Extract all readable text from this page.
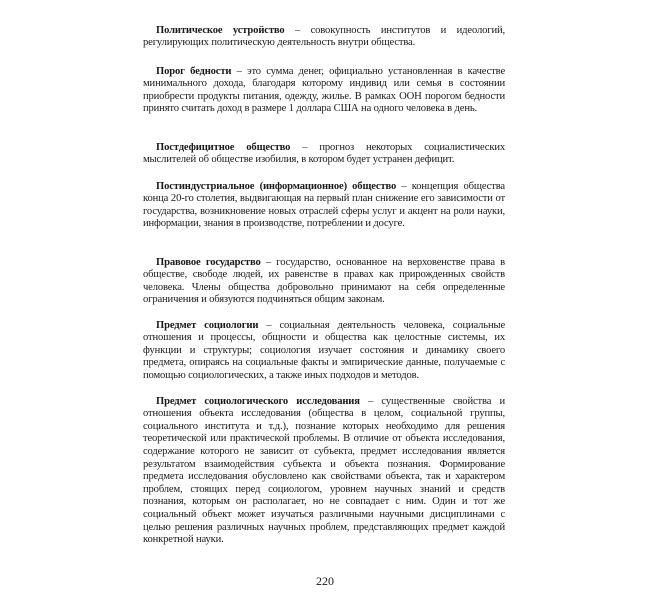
Политическое устройство – совокупность институтов и идеологий, регулирующих политическую деятельность внутри общества.

Порог бедности – это сумма денег, официально установленная в качестве минимального дохода, благодаря которому индивид или семья в состоянии приобрести продукты питания, одежду, жилье. В рамках ООН порогом бедности принято считать доход в размере 1 доллара США на одного человека в день.

Постдефицитное общество – прогноз некоторых социалистических мыслителей об обществе изобилия, в котором будет устранен дефицит.

Постиндустриальное (информационное) общество – концепция общества конца 20-го столетия, выдвигающая на первый план снижение его зависимости от государства, возникновение новых отраслей сферы услуг и акцент на роли науки, информации, знания в производстве, потреблении и досуге.

Правовое государство – государство, основанное на верховенстве права в обществе, свободе людей, их равенстве в правах как прирожденных свойств человека. Члены общества добровольно принимают на себя определенные ограничения и обязуются подчиняться общим законам.

Предмет социологии – социальная деятельность человека, социальные отношения и процессы, общности и общества как целостные системы, их функции и структуры; социология изучает состояния и динамику своего предмета, опираясь на социальные факты и эмпирические данные, получаемые с помощью социологических, а также иных подходов и методов.

Предмет социологического исследования – существенные свойства и отношения объекта исследования (общества в целом, социальной группы, социального института и т.д.), познание которых необходимо для решения теоретической или практической проблемы. В отличие от объекта исследования, содержание которого не зависит от субъекта, предмет исследования является результатом взаимодействия субъекта и объекта познания. Формирование предмета исследования обусловлено как свойствами объекта, так и характером проблем, стоящих перед социологом, уровнем научных знаний и средств познания, которым он располагает, но не совпадает с ним. Один и тот же социальный объект может изучаться различными научными дисциплинами с целью решения различных научных проблем, представляющих предмет каждой конкретной науки.

220
